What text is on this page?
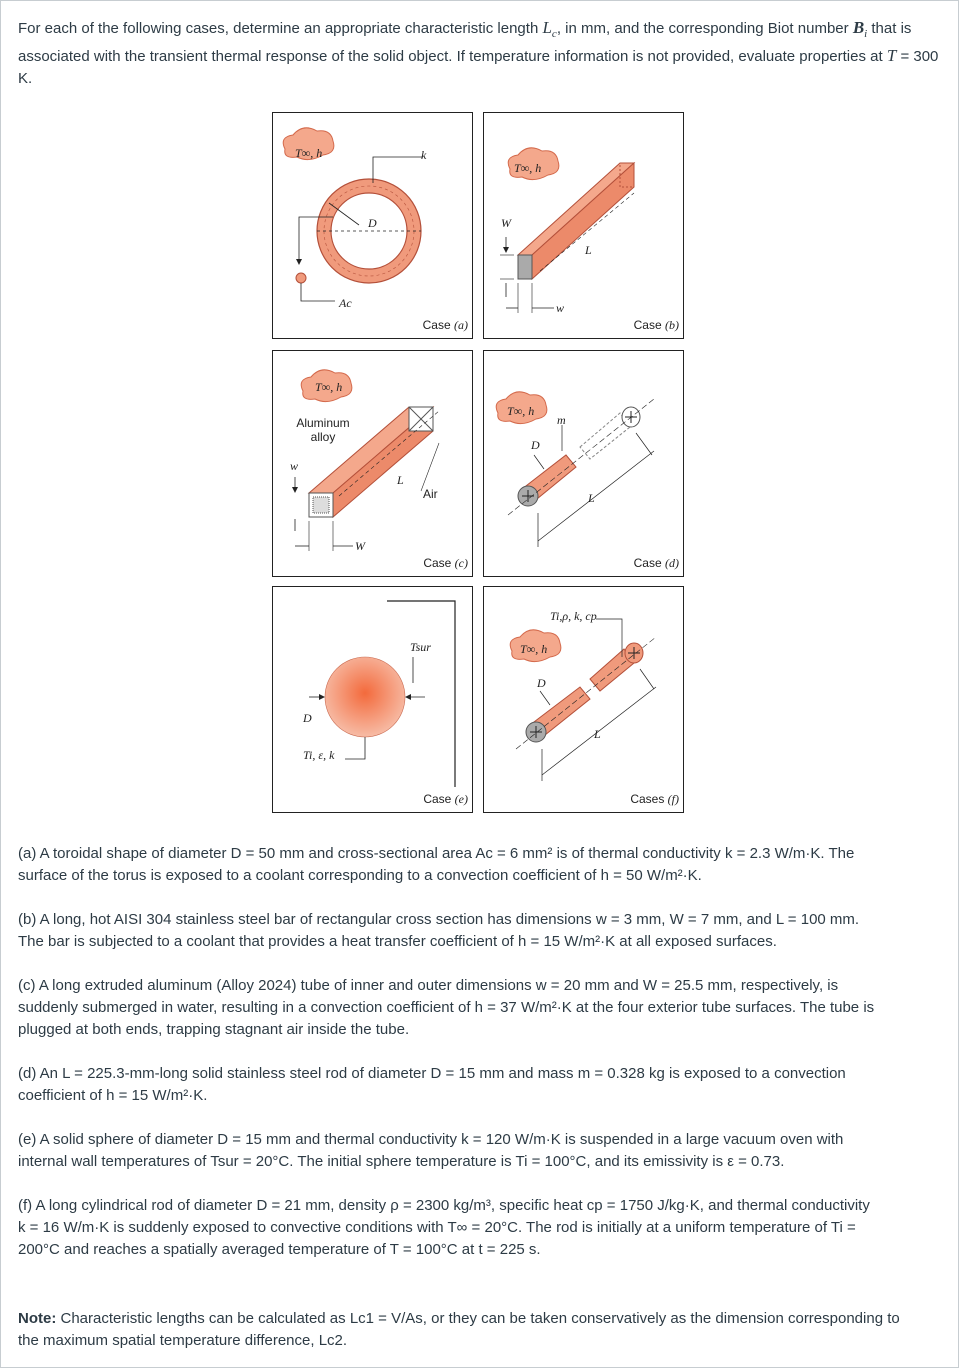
For each of the following cases, determine an appropriate characteristic length $L_c$, in mm, and the corresponding Biot number $B_i$ that is associated with the transient thermal response of the solid object. If temperature information is not provided, evaluate properties at T = 300 K.

T∞, h	k
D
Ac
Case (a)
T∞, h
W
w
L
Case (b)
T∞, h
Aluminum alloy
Air
w
W
L
Case (c)
T∞, h
m
D
L
Case (d)
Tsur
D
Ti, ε, k
Case (e)
Ti,ρ, k, cp
T∞, h
D
L
Cases (f)

(a) A toroidal shape of diameter D = 50 mm and cross-sectional area Ac = 6 mm² is of thermal conductivity k = 2.3 W/m·K. The

surface of the torus is exposed to a coolant corresponding to a convection coefficient of h = 50 W/m²·K.

(b) A long, hot AISI 304 stainless steel bar of rectangular cross section has dimensions w = 3 mm, W = 7 mm, and L = 100 mm.

The bar is subjected to a coolant that provides a heat transfer coefficient of h = 15 W/m²·K at all exposed surfaces.

(c) A long extruded aluminum (Alloy 2024) tube of inner and outer dimensions w = 20 mm and W = 25.5 mm, respectively, is

suddenly submerged in water, resulting in a convection coefficient of h = 37 W/m²·K at the four exterior tube surfaces. The tube is

plugged at both ends, trapping stagnant air inside the tube.

(d) An L = 225.3-mm-long solid stainless steel rod of diameter D = 15 mm and mass m = 0.328 kg is exposed to a convection

coefficient of h = 15 W/m²·K.

(e) A solid sphere of diameter D = 15 mm and thermal conductivity k = 120 W/m·K is suspended in a large vacuum oven with

internal wall temperatures of Tsur = 20°C. The initial sphere temperature is Ti = 100°C, and its emissivity is ε = 0.73.

(f) A long cylindrical rod of diameter D = 21 mm, density ρ = 2300 kg/m³, specific heat cp = 1750 J/kg·K, and thermal conductivity

k = 16 W/m·K is suddenly exposed to convective conditions with T∞ = 20°C. The rod is initially at a uniform temperature of Ti =

200°C and reaches a spatially averaged temperature of T = 100°C at t = 225 s.

Note: Characteristic lengths can be calculated as Lc1 = V/As, or they can be taken conservatively as the dimension corresponding to

the maximum spatial temperature difference, Lc2.
